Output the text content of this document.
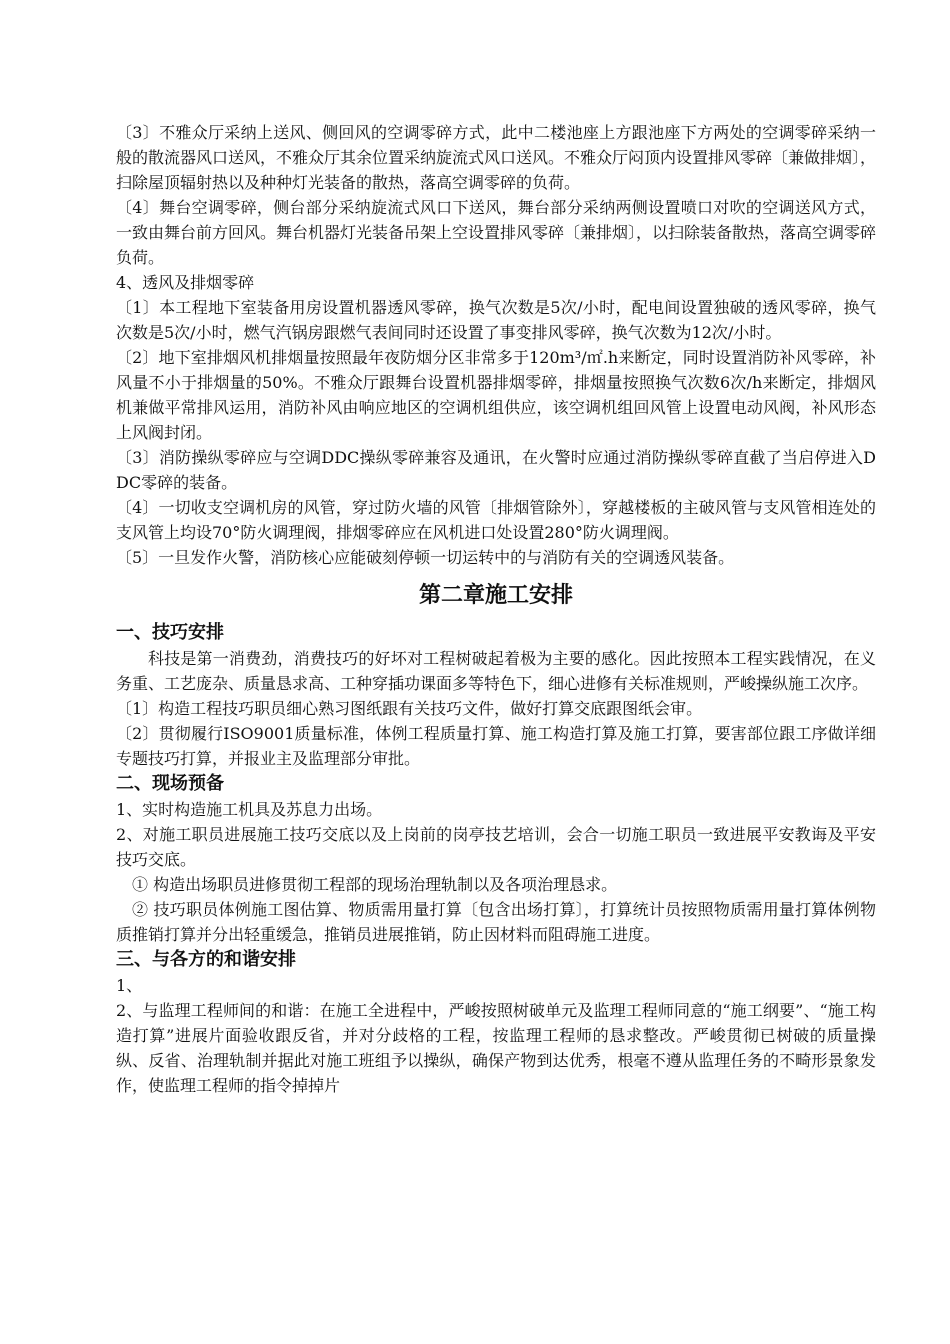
〔3〕不雅众厅采纳上送风、侧回风的空调零碎方式，此中二楼池座上方跟池座下方两处的空调零碎采纳一般的散流器风口送风，不雅众厅其余位置采纳旋流式风口送风。不雅众厅闷顶内设置排风零碎〔兼做排烟〕，扫除屋顶辐射热以及种种灯光装备的散热，落高空调零碎的负荷。

〔4〕舞台空调零碎，侧台部分采纳旋流式风口下送风，舞台部分采纳两侧设置喷口对吹的空调送风方式，一致由舞台前方回风。舞台机器灯光装备吊架上空设置排风零碎〔兼排烟〕，以扫除装备散热，落高空调零碎负荷。

4、透风及排烟零碎

〔1〕本工程地下室装备用房设置机器透风零碎，换气次数是5次/小时，配电间设置独破的透风零碎，换气次数是5次/小时，燃气汽锅房跟燃气表间同时还设置了事变排风零碎，换气次数为12次/小时。

〔2〕地下室排烟风机排烟量按照最年夜防烟分区非常多于120m³/㎡.h来断定，同时设置消防补风零碎，补风量不小于排烟量的50%。不雅众厅跟舞台设置机器排烟零碎，排烟量按照换气次数6次/h来断定，排烟风机兼做平常排风运用，消防补风由响应地区的空调机组供应，该空调机组回风管上设置电动风阀，补风形态上风阀封闭。

〔3〕消防操纵零碎应与空调DDC操纵零碎兼容及通讯，在火警时应通过消防操纵零碎直截了当启停进入DDC零碎的装备。

〔4〕一切收支空调机房的风管，穿过防火墙的风管〔排烟管除外〕，穿越楼板的主破风管与支风管相连处的支风管上均设70°防火调理阀，排烟零碎应在风机进口处设置280°防火调理阀。

〔5〕一旦发作火警，消防核心应能破刻停顿一切运转中的与消防有关的空调透风装备。

第二章施工安排
一、技巧安排

科技是第一消费劲，消费技巧的好坏对工程树破起着极为主要的感化。因此按照本工程实践情况，在义务重、工艺庞杂、质量恳求高、工种穿插功课面多等特色下，细心进修有关标准规则，严峻操纵施工次序。

〔1〕构造工程技巧职员细心熟习图纸跟有关技巧文件，做好打算交底跟图纸会审。

〔2〕贯彻履行ISO9001质量标准，体例工程质量打算、施工构造打算及施工打算，要害部位跟工序做详细专题技巧打算，并报业主及监理部分审批。

二、现场预备

1、实时构造施工机具及苏息力出场。

2、对施工职员进展施工技巧交底以及上岗前的岗亭技艺培训，会合一切施工职员一致进展平安教诲及平安技巧交底。

① 构造出场职员进修贯彻工程部的现场治理轨制以及各项治理恳求。

② 技巧职员体例施工图估算、物质需用量打算〔包含出场打算〕，打算统计员按照物质需用量打算体例物质推销打算并分出轻重缓急，推销员进展推销，防止因材料而阻碍施工进度。

三、与各方的和谐安排

1、

2、与监理工程师间的和谐：在施工全进程中，严峻按照树破单元及监理工程师同意的“施工纲要”、“施工构造打算”进展片面验收跟反省，并对分歧格的工程，按监理工程师的恳求整改。严峻贯彻已树破的质量操纵、反省、治理轨制并据此对施工班组予以操纵，确保产物到达优秀，根毫不遵从监理任务的不畸形景象发作，使监理工程师的指令掉掉片
